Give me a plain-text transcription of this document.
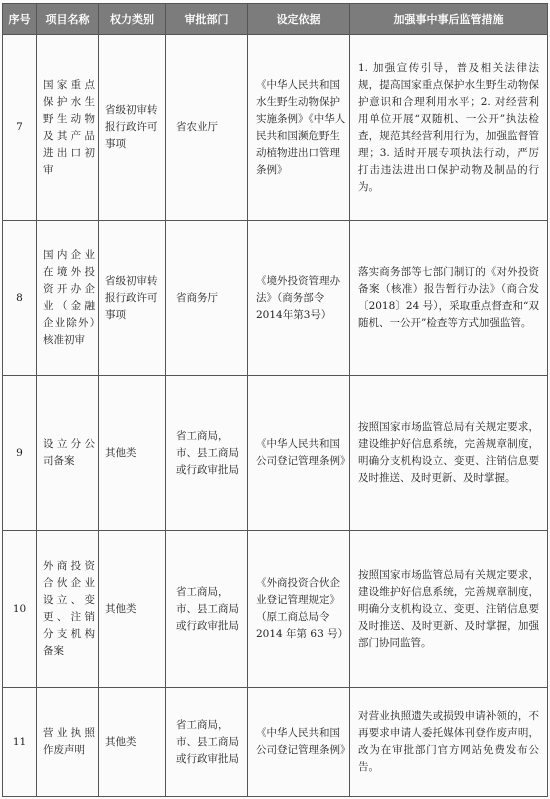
序号	项目名称	权力类别	审批部门	设定依据	加强事中事后监管措施
7	国家重点保护水生野生动物及其产品进出口初审	省级初审转报行政许可事项	省农业厅	《中华人民共和国水生野生动物保护实施条例》《中华人民共和国濒危野生动植物进出口管理条例》	1. 加强宣传引导，普及相关法律法规，提高国家重点保护水生野生动物保护意识和合理利用水平；2. 对经营利用单位开展“双随机、一公开”执法检查，规范其经营利用行为，加强监督管理；3. 适时开展专项执法行动，严厉打击违法进出口保护动物及制品的行为。
8	国内企业在境外投资开办企业（金融企业除外）核准初审	省级初审转报行政许可事项	省商务厅	《境外投资管理办法》（商务部令2014年第3号）	落实商务部等七部门制订的《对外投资备案（核准）报告暂行办法》（商合发〔2018〕24 号），采取重点督查和“双随机、一公开”检查等方式加强监管。
9	设立分公司备案	其他类	省工商局，市、县工商局或行政审批局	《中华人民共和国公司登记管理条例》	按照国家市场监管总局有关规定要求，建设维护好信息系统，完善规章制度，明确分支机构设立、变更、注销信息要及时推送、及时更新、及时掌握。
10	外商投资合伙企业设立、变更、注销分支机构备案	其他类	省工商局，市、县工商局或行政审批局	《外商投资合伙企业登记管理规定》（原工商总局令2014 年第 63 号）	按照国家市场监管总局有关规定要求，建设维护好信息系统，完善规章制度，明确分支机构设立、变更、注销信息要及时推送、及时更新、及时掌握，加强部门协同监管。
11	营业执照作废声明	其他类	省工商局，市、县工商局或行政审批局	《中华人民共和国公司登记管理条例》	对营业执照遗失或损毁申请补领的，不再要求申请人委托媒体刊登作废声明，改为在审批部门官方网站免费发布公告。
